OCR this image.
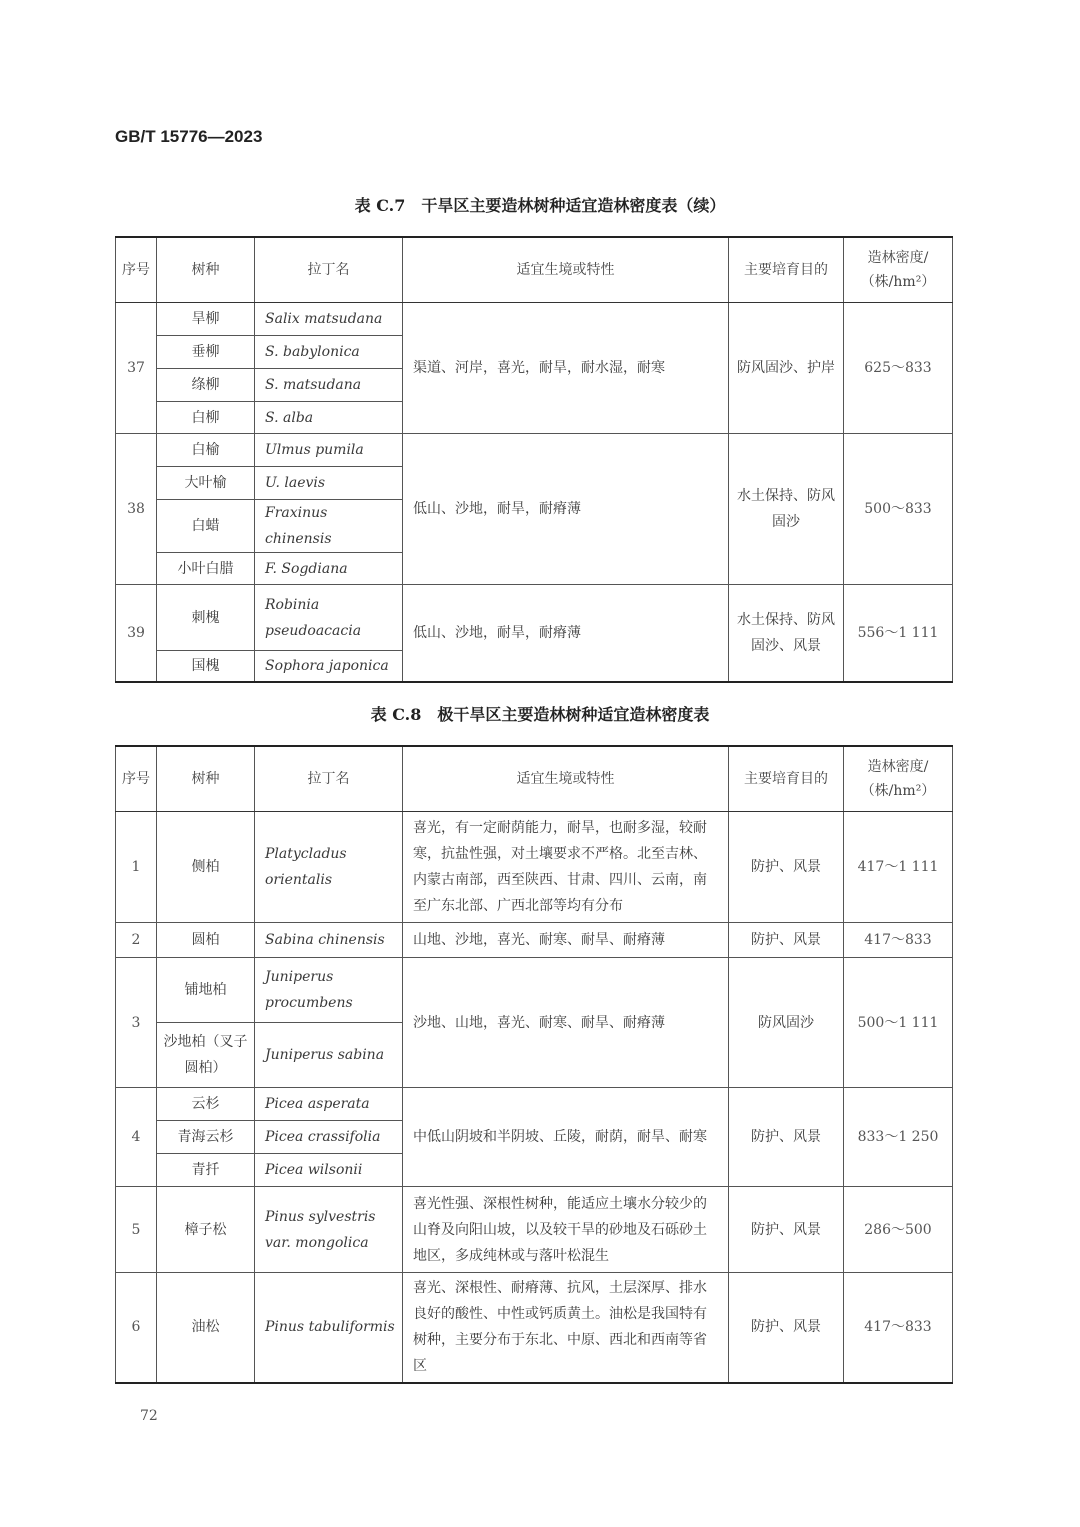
GB/T 15776—2023
表 C.7　干旱区主要造林树种适宜造林密度表（续）
序号	树种	拉丁名	适宜生境或特性	主要培育目的	造林密度/（株/hm²）
37	旱柳	Salix matsudana	渠道、河岸，喜光，耐旱，耐水湿，耐寒	防风固沙、护岸	625～833
	垂柳	S. babylonica			
	绦柳	S. matsudana			
	白柳	S. alba			
38	白榆	Ulmus pumila	低山、沙地，耐旱，耐瘠薄	水土保持、防风固沙	500～833
	大叶榆	U. laevis			
	白蜡	Fraxinus chinensis			
	小叶白腊	F. Sogdiana			
39	刺槐	Robinia pseudoacacia	低山、沙地，耐旱，耐瘠薄	水土保持、防风固沙、风景	556～1 111
	国槐	Sophora japonica			
表 C.8　极干旱区主要造林树种适宜造林密度表
序号	树种	拉丁名	适宜生境或特性	主要培育目的	造林密度/（株/hm²）
1	侧柏	Platycladus orientalis	喜光，有一定耐荫能力，耐旱，也耐多湿，较耐寒，抗盐性强，对土壤要求不严格。北至吉林、内蒙古南部，西至陕西、甘肃、四川、云南，南至广东北部、广西北部等均有分布	防护、风景	417～1 111
2	圆柏	Sabina chinensis	山地、沙地，喜光、耐寒、耐旱、耐瘠薄	防护、风景	417～833
3	铺地柏	Juniperus procumbens	沙地、山地，喜光、耐寒、耐旱、耐瘠薄	防风固沙	500～1 111
	沙地柏（叉子圆柏）	Juniperus sabina			
4	云杉	Picea asperata	中低山阴坡和半阴坡、丘陵，耐荫，耐旱、耐寒	防护、风景	833～1 250
	青海云杉	Picea crassifolia			
	青扦	Picea wilsonii			
5	樟子松	Pinus sylvestris var. mongolica	喜光性强、深根性树种，能适应土壤水分较少的山脊及向阳山坡，以及较干旱的砂地及石砾砂土地区，多成纯林或与落叶松混生	防护、风景	286～500
6	油松	Pinus tabuliformis	喜光、深根性、耐瘠薄、抗风，土层深厚、排水良好的酸性、中性或钙质黄土。油松是我国特有树种，主要分布于东北、中原、西北和西南等省区	防护、风景	417～833
72
